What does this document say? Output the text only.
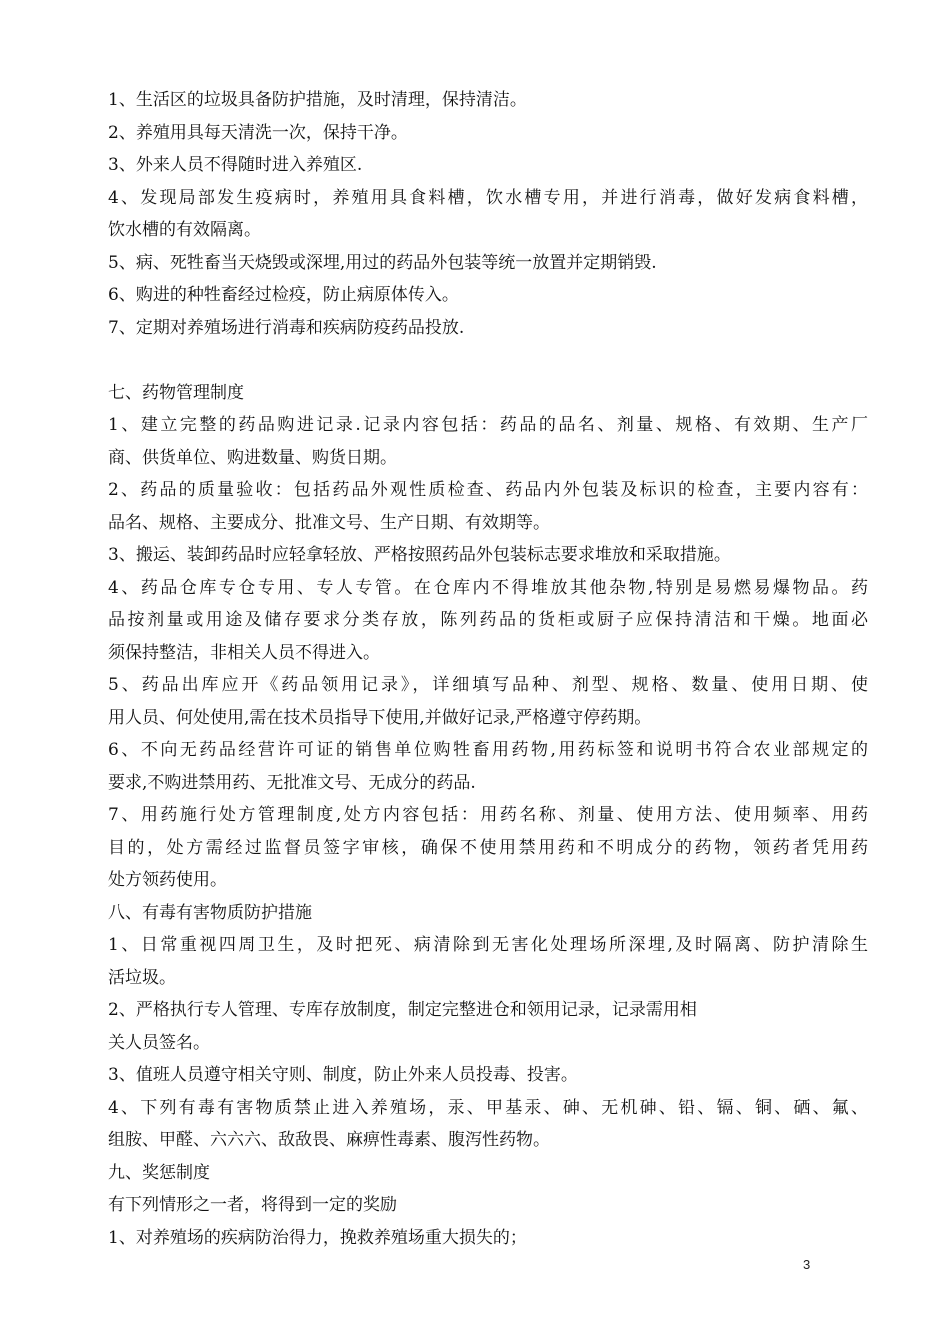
1、生活区的垃圾具备防护措施，及时清理，保持清洁。
2、养殖用具每天清洗一次，保持干净。
3、外来人员不得随时进入养殖区.
4、发现局部发生疫病时，养殖用具食料槽，饮水槽专用，并进行消毒，做好发病食料槽，
饮水槽的有效隔离。
5、病、死牲畜当天烧毁或深埋,用过的药品外包装等统一放置并定期销毁.
6、购进的种牲畜经过检疫，防止病原体传入。
7、定期对养殖场进行消毒和疾病防疫药品投放.
七、药物管理制度
1、建立完整的药品购进记录.记录内容包括：药品的品名、剂量、规格、有效期、生产厂
商、供货单位、购进数量、购货日期。
2、药品的质量验收：包括药品外观性质检查、药品内外包装及标识的检查，主要内容有：
品名、规格、主要成分、批准文号、生产日期、有效期等。
3、搬运、装卸药品时应轻拿轻放、严格按照药品外包装标志要求堆放和采取措施。
4、药品仓库专仓专用、专人专管。在仓库内不得堆放其他杂物,特别是易燃易爆物品。药
品按剂量或用途及储存要求分类存放，陈列药品的货柜或厨子应保持清洁和干燥。地面必
须保持整洁，非相关人员不得进入。
5、药品出库应开《药品领用记录》，详细填写品种、剂型、规格、数量、使用日期、使
用人员、何处使用,需在技术员指导下使用,并做好记录,严格遵守停药期。
6、不向无药品经营许可证的销售单位购牲畜用药物,用药标签和说明书符合农业部规定的
要求,不购进禁用药、无批准文号、无成分的药品.
7、用药施行处方管理制度,处方内容包括：用药名称、剂量、使用方法、使用频率、用药
目的，处方需经过监督员签字审核，确保不使用禁用药和不明成分的药物，领药者凭用药
处方领药使用。
八、有毒有害物质防护措施
1、日常重视四周卫生，及时把死、病清除到无害化处理场所深埋,及时隔离、防护清除生
活垃圾。
2、严格执行专人管理、专库存放制度，制定完整进仓和领用记录，记录需用相
关人员签名。
3、值班人员遵守相关守则、制度，防止外来人员投毒、投害。
4、下列有毒有害物质禁止进入养殖场，汞、甲基汞、砷、无机砷、铅、镉、铜、硒、氟、
组胺、甲醛、六六六、敌敌畏、麻痹性毒素、腹泻性药物。
九、奖惩制度
有下列情形之一者，将得到一定的奖励
1、对养殖场的疾病防治得力，挽救养殖场重大损失的；
3
